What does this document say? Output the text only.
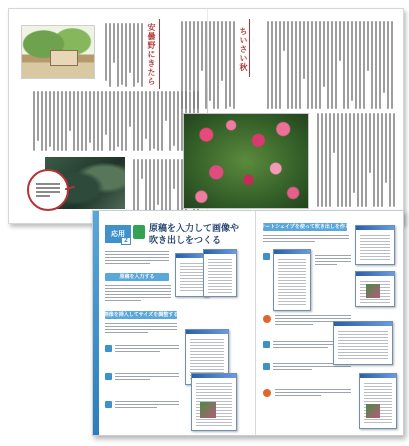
安曇野にきたら	ちいさい秋
応用
2
原稿を入力して画像や
吹き出しをつくる
原稿を入力する
画像を挿入してサイズを調整する
オートシェイプを使って吹き出しを作る
